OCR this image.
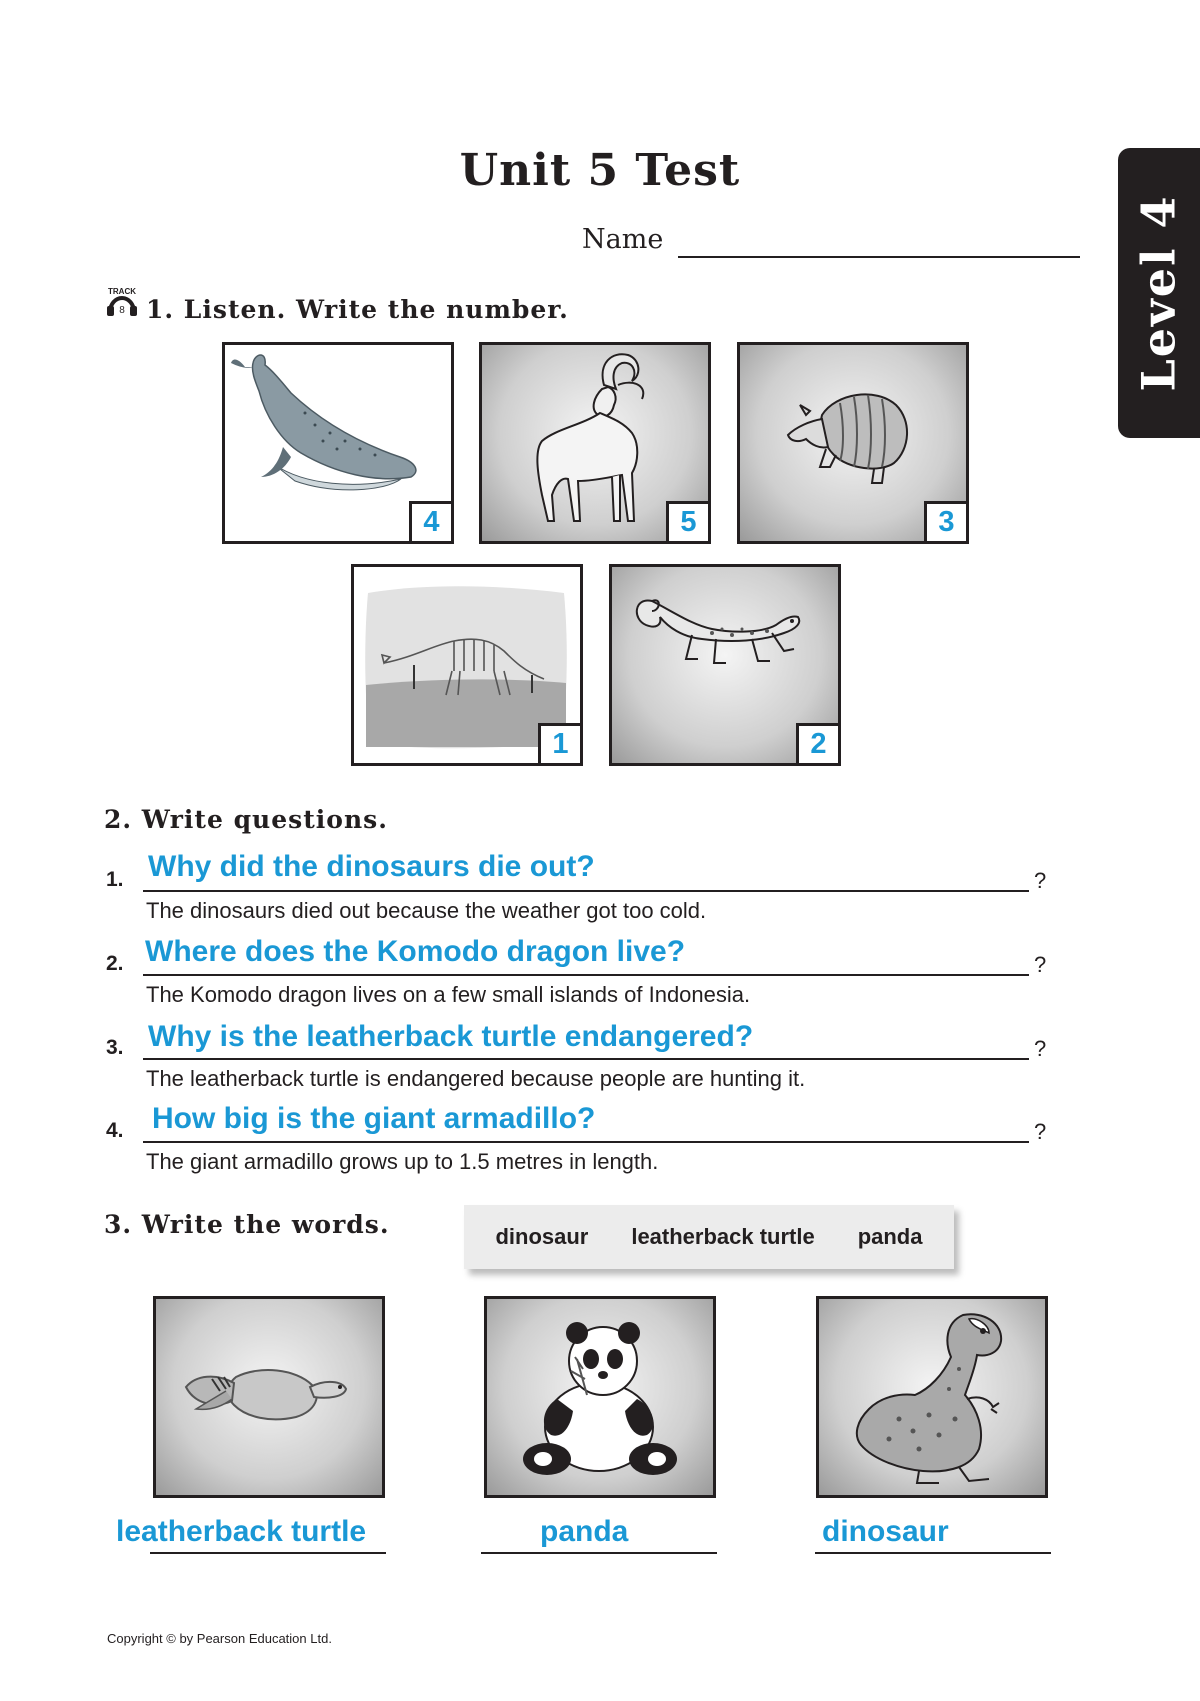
Unit 5 Test
Name	Level 4
TRACK
8 1. Listen. Write the number.
4	5	3
1	2
2. Write questions.
1. Why did the dinosaurs die out?	?
The dinosaurs died out because the weather got too cold.
2. Where does the Komodo dragon live?	?
The Komodo dragon lives on a few small islands of Indonesia.
3. Why is the leatherback turtle endangered?	?
The leatherback turtle is endangered because people are hunting it.
4. How big is the giant armadillo?	?
The giant armadillo grows up to 1.5 metres in length.
3. Write the words.	dinosaur leatherback turtle panda
leatherback turtle	panda	dinosaur
Copyright © by Pearson Education Ltd.
